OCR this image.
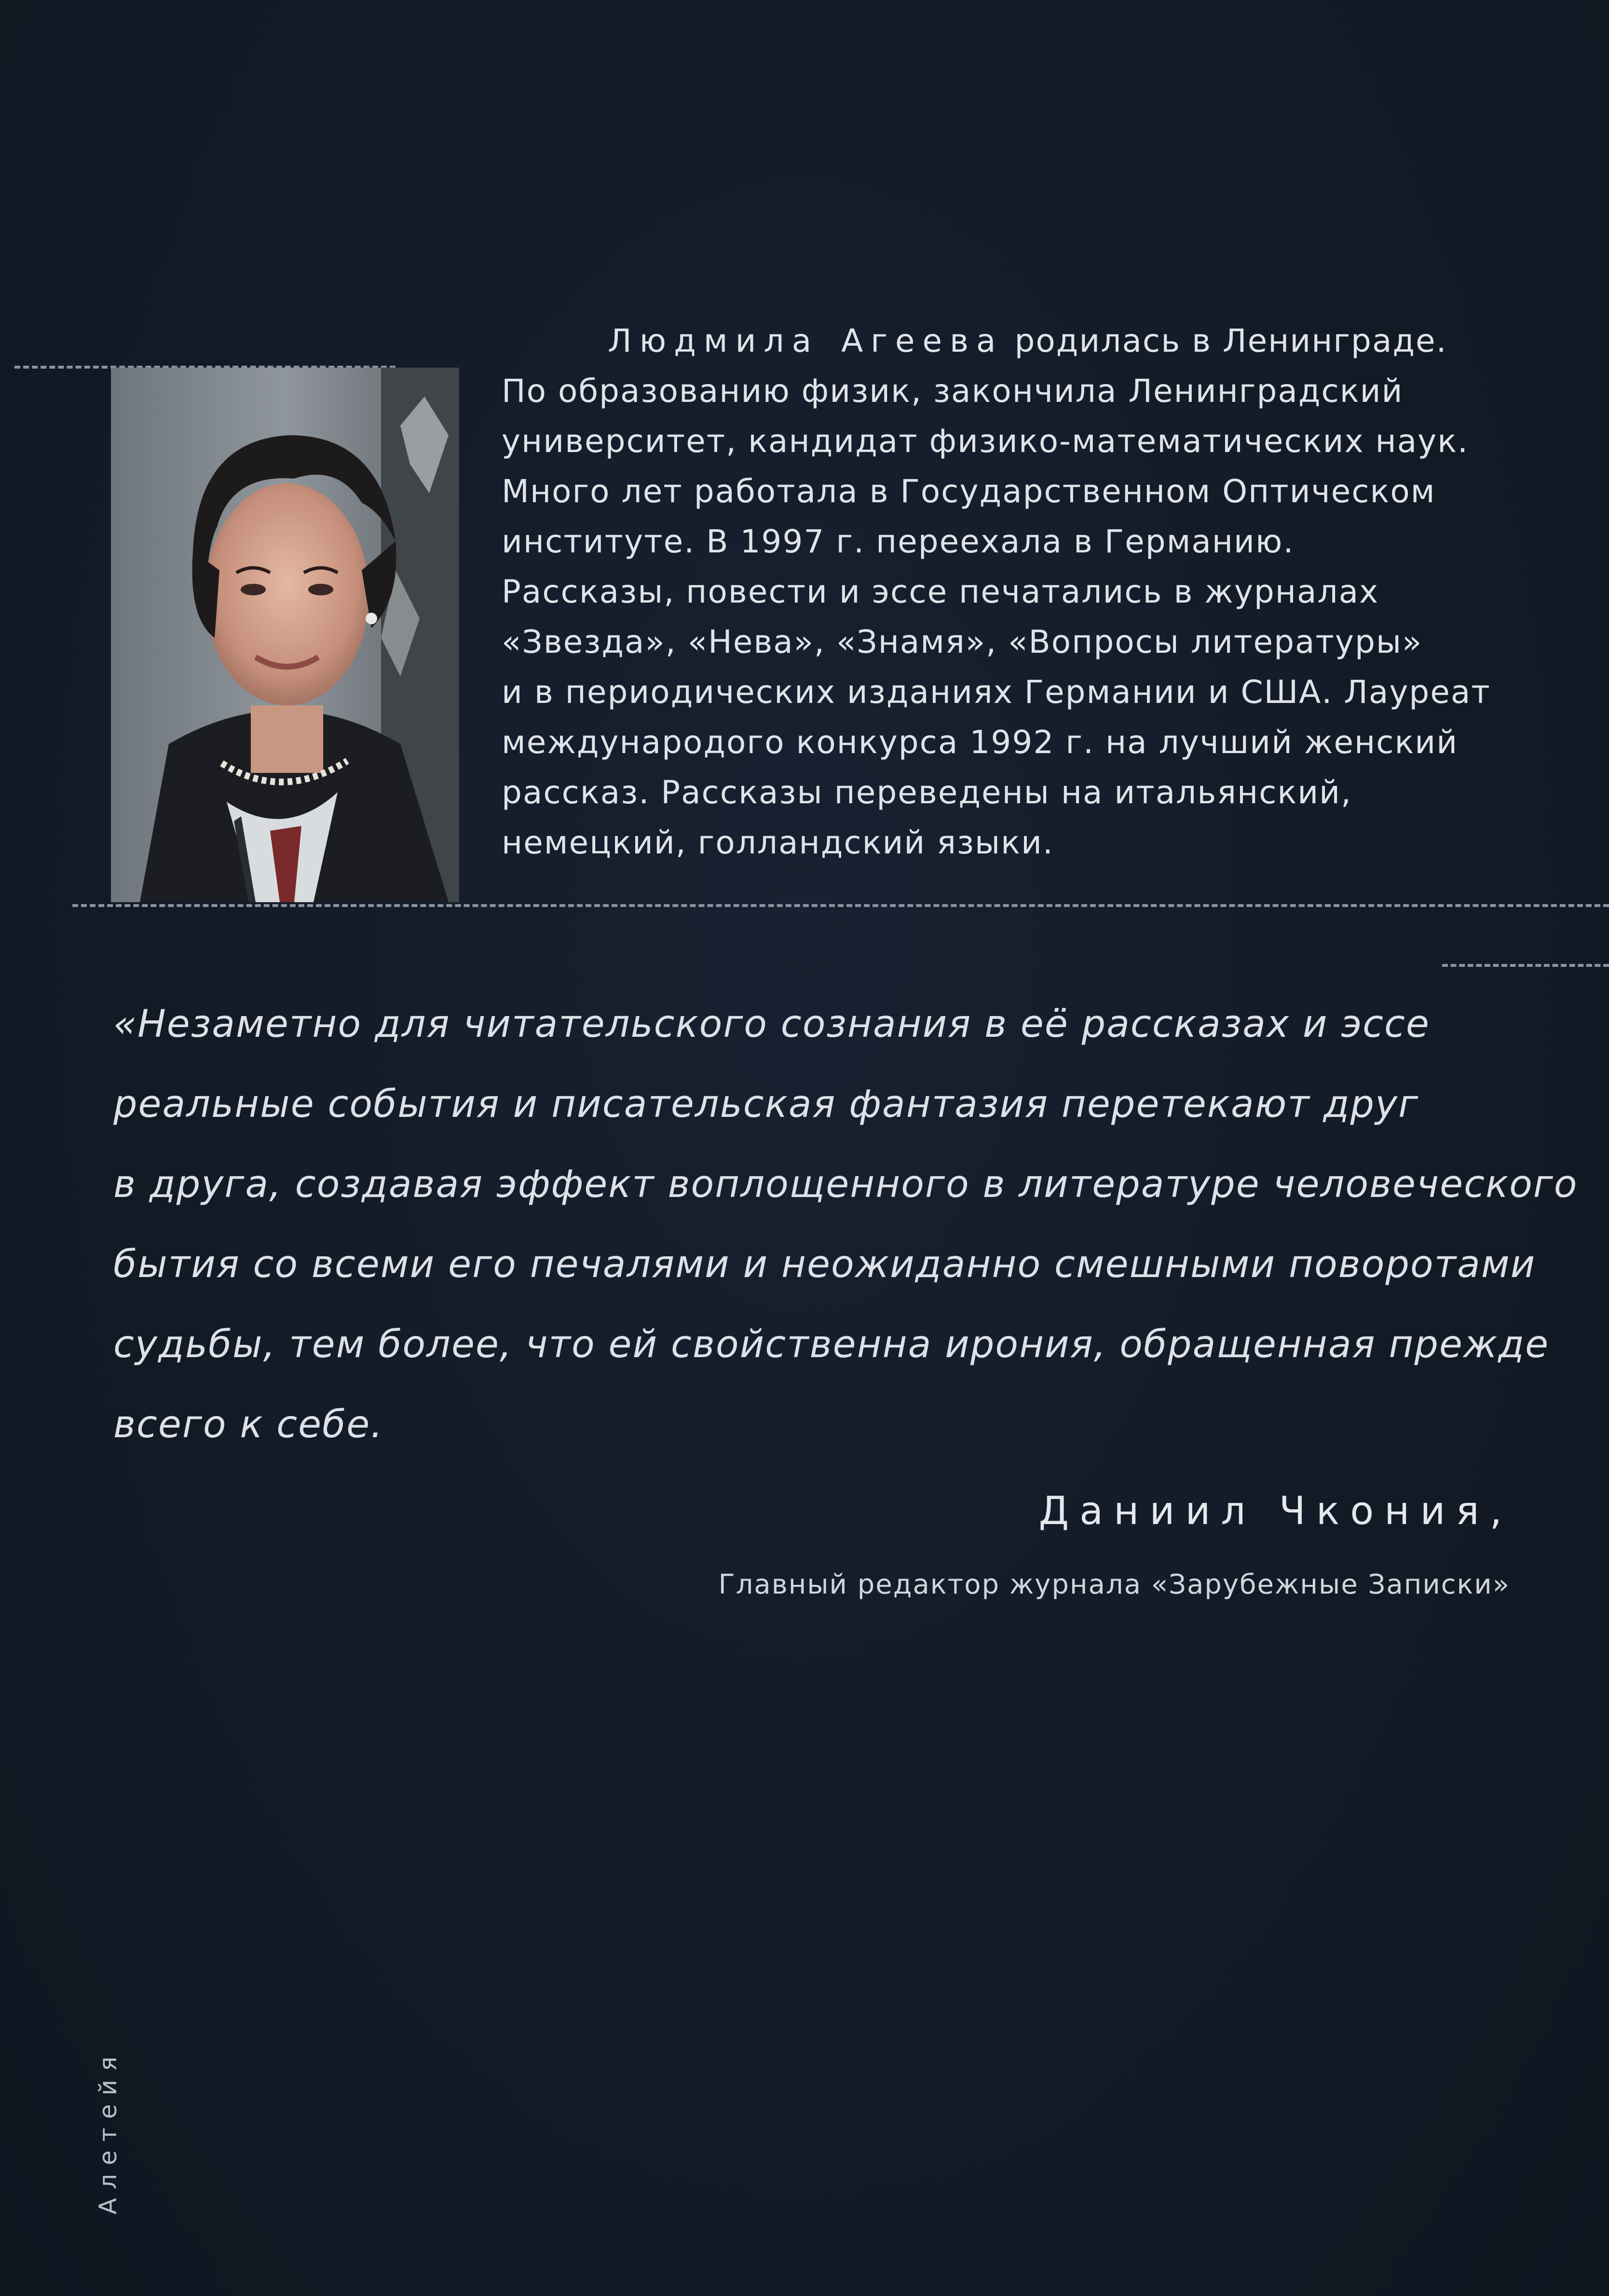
Людмила Агеева родилась в Ленинграде.
По образованию физик, закончила Ленинградский
университет, кандидат физико-математических наук.
Много лет работала в Государственном Оптическом
институте. В 1997 г. переехала в Германию.
Рассказы, повести и эссе печатались в журналах
«Звезда», «Нева», «Знамя», «Вопросы литературы»
и в периодических изданиях Германии и США. Лауреат
международого конкурса 1992 г. на лучший женский
рассказ. Рассказы переведены на итальянский,
немецкий, голландский языки.
«Незаметно для читательского сознания в её рассказах и эссе
реальные события и писательская фантазия перетекают друг
в друга, создавая эффект воплощенного в литературе человеческого
бытия со всеми его печалями и неожиданно смешными поворотами
судьбы, тем более, что ей свойственна ирония, обращенная прежде
всего к себе.
Даниил Чкония,
Главный редактор журнала «Зарубежные Записки»
Алетейя
